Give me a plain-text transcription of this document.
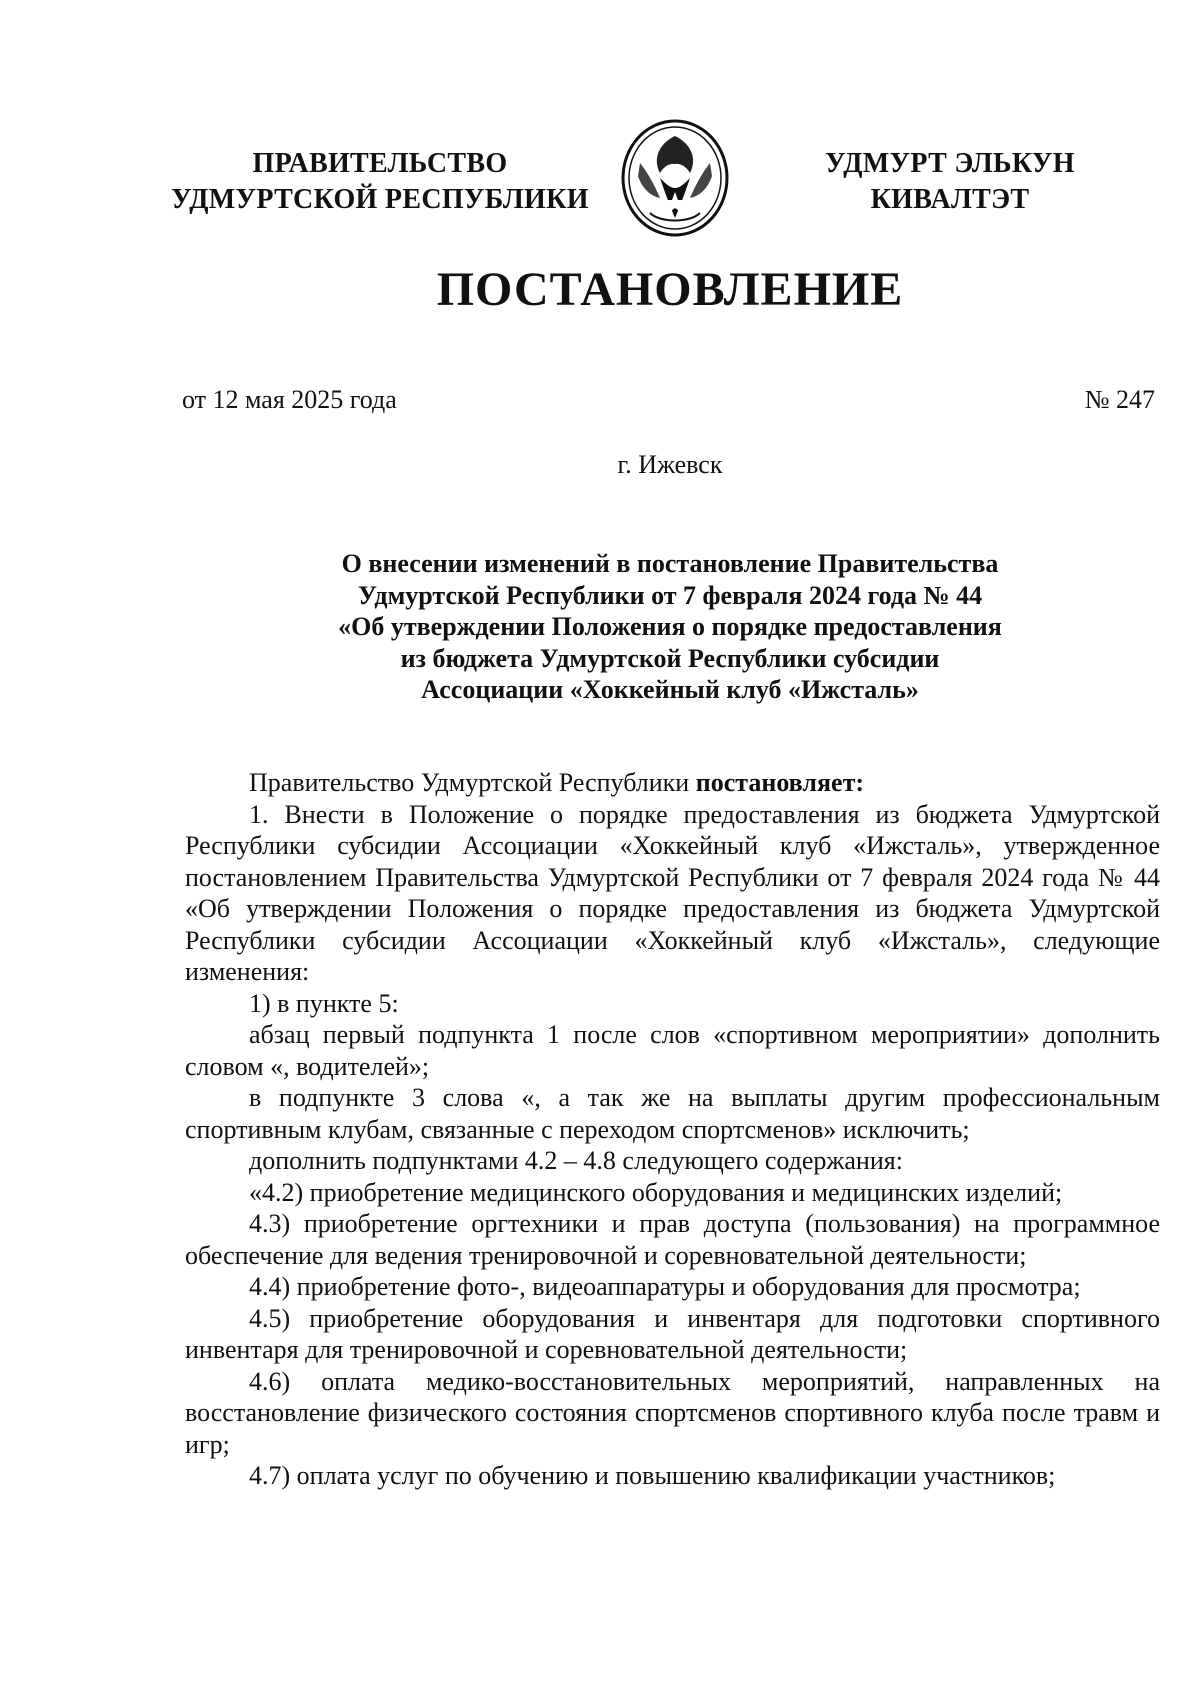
ПРАВИТЕЛЬСТВО
УДМУРТСКОЙ РЕСПУБЛИКИ
УДМУРТ ЭЛЬКУН
КИВАЛТЭТ
ПОСТАНОВЛЕНИЕ
от 12 мая 2025 года	№ 247
г. Ижевск
О внесении изменений в постановление Правительства
Удмуртской Республики от 7 февраля 2024 года № 44
«Об утверждении Положения о порядке предоставления
из бюджета Удмуртской Республики субсидии
Ассоциации «Хоккейный клуб «Ижсталь»

Правительство Удмуртской Республики постановляет:

1. Внести в Положение о порядке предоставления из бюджета Удмуртской Республики субсидии Ассоциации «Хоккейный клуб «Ижсталь», утвержденное постановлением Правительства Удмуртской Республики от 7 февраля 2024 года № 44 «Об утверждении Положения о порядке предоставления из бюджета Удмуртской Республики субсидии Ассоциации «Хоккейный клуб «Ижсталь», следующие изменения:

1) в пункте 5:

абзац первый подпункта 1 после слов «спортивном мероприятии» дополнить словом «, водителей»;

в подпункте 3 слова «, а так же на выплаты другим профессиональным спортивным клубам, связанные с переходом спортсменов» исключить;

дополнить подпунктами 4.2 – 4.8 следующего содержания:

«4.2) приобретение медицинского оборудования и медицинских изделий;

4.3) приобретение оргтехники и прав доступа (пользования) на программное обеспечение для ведения тренировочной и соревновательной деятельности;

4.4) приобретение фото-, видеоаппаратуры и оборудования для просмотра;

4.5) приобретение оборудования и инвентаря для подготовки спортивного инвентаря для тренировочной и соревновательной деятельности;

4.6) оплата медико-восстановительных мероприятий, направленных на восстановление физического состояния спортсменов спортивного клуба после травм и игр;

4.7) оплата услуг по обучению и повышению квалификации участников;
